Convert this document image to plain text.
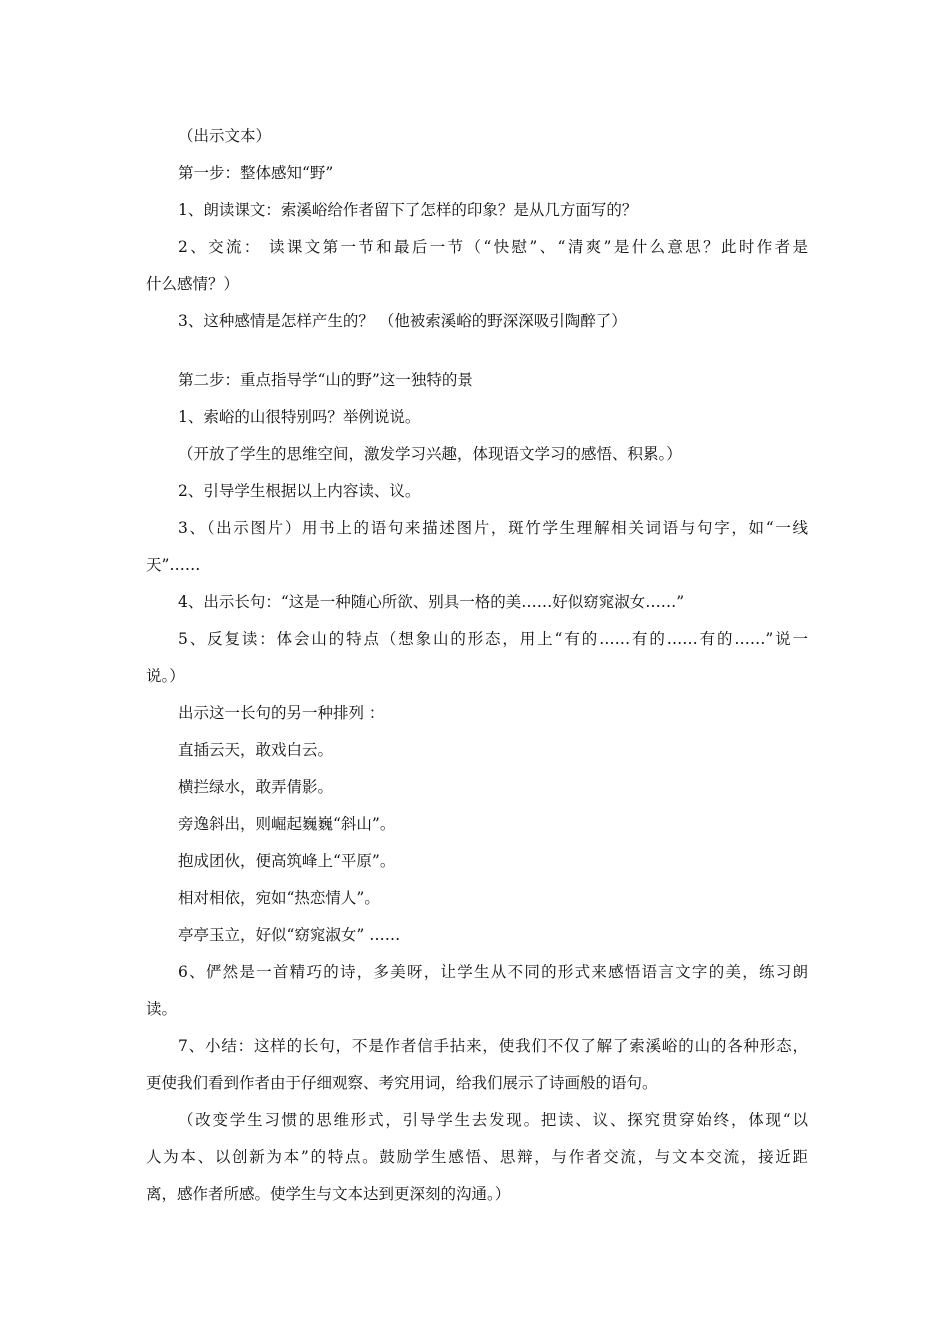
（出示文本）
第一步：整体感知“野”
1、朗读课文：索溪峪给作者留下了怎样的印象？是从几方面写的？
2、交流： 读课文第一节和最后一节（“快慰”、“清爽”是什么意思？此时作者是
什么感情？）
3、这种感情是怎样产生的？ （他被索溪峪的野深深吸引陶醉了）
第二步：重点指导学“山的野”这一独特的景
1、索峪的山很特别吗？举例说说。
（开放了学生的思维空间，激发学习兴趣，体现语文学习的感悟、积累。）
2、引导学生根据以上内容读、议。
3、（出示图片）用书上的语句来描述图片，斑竹学生理解相关词语与句字，如“一线
天”……
4、出示长句：“这是一种随心所欲、别具一格的美……好似窈窕淑女……”
5、反复读：体会山的特点（想象山的形态，用上“有的……有的……有的……”说一
说。）
出示这一长句的另一种排列 ：
直插云天，敢戏白云。
横拦绿水，敢弄倩影。
旁逸斜出，则崛起巍巍“斜山”。
抱成团伙，便高筑峰上“平原”。
相对相依，宛如“热恋情人”。
亭亭玉立，好似“窈窕淑女” ……
6、俨然是一首精巧的诗，多美呀，让学生从不同的形式来感悟语言文字的美，练习朗
读。
7、小结：这样的长句，不是作者信手拈来，使我们不仅了解了索溪峪的山的各种形态，
更使我们看到作者由于仔细观察、考究用词，给我们展示了诗画般的语句。
（改变学生习惯的思维形式，引导学生去发现。把读、议、探究贯穿始终，体现“以
人为本、以创新为本”的特点。鼓励学生感悟、思辩，与作者交流，与文本交流，接近距
离，感作者所感。使学生与文本达到更深刻的沟通。）
